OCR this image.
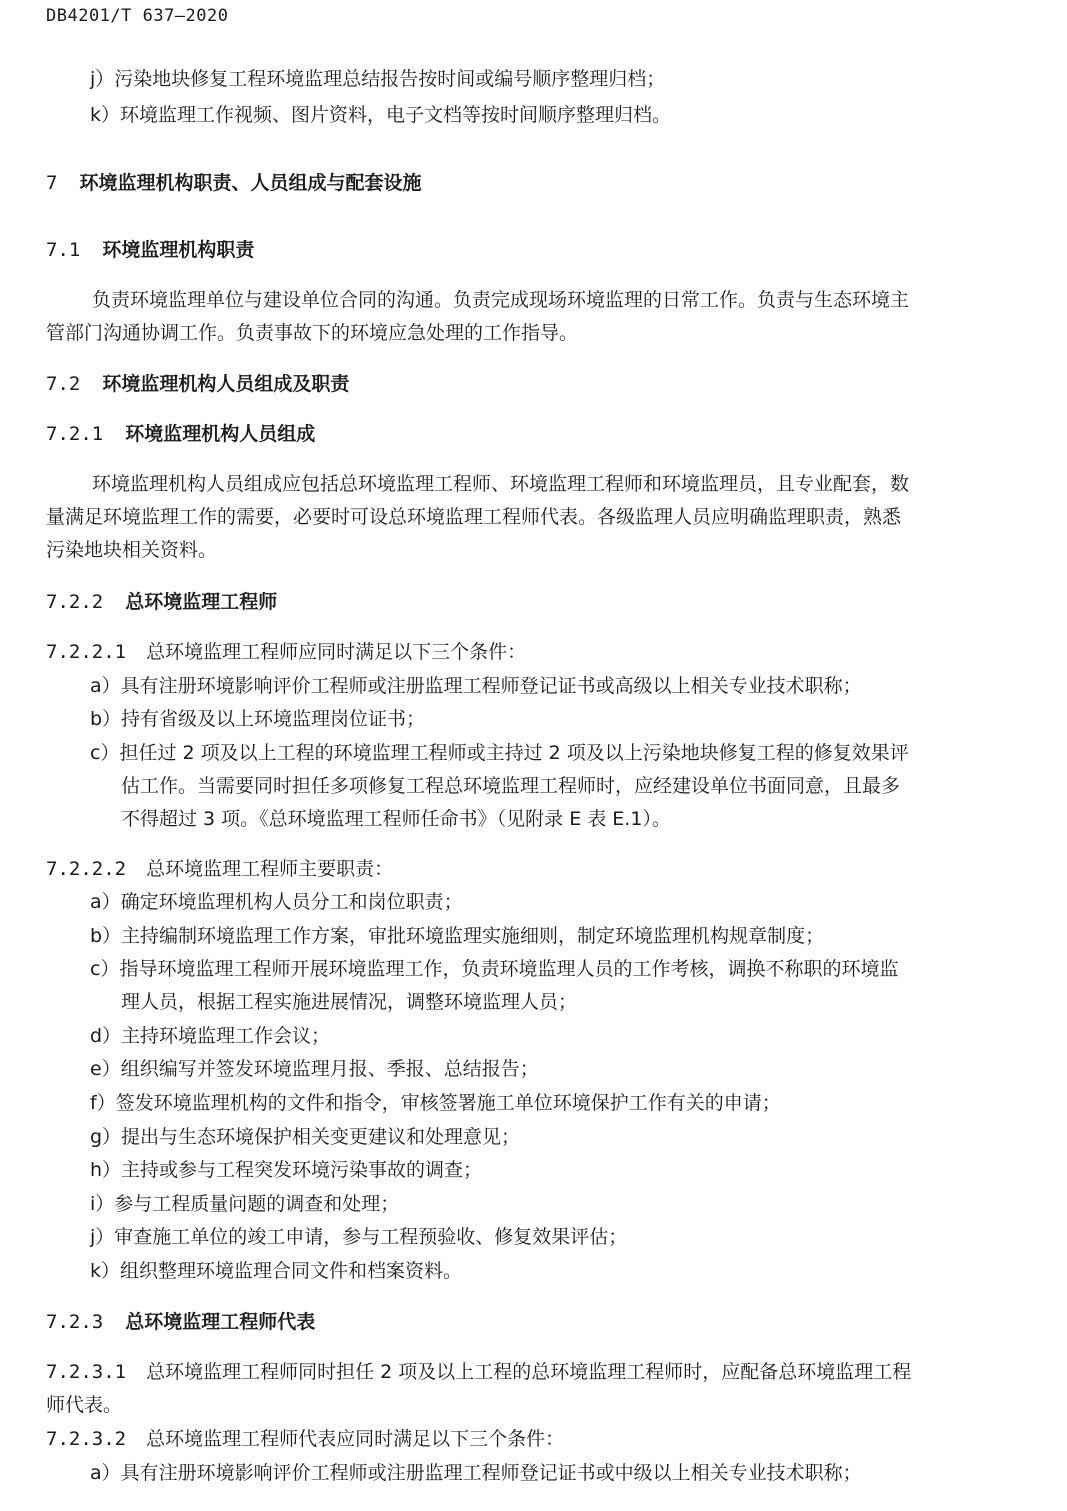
DB4201/T 637—2020
j）污染地块修复工程环境监理总结报告按时间或编号顺序整理归档；
k）环境监理工作视频、图片资料，电子文档等按时间顺序整理归档。
7 环境监理机构职责、人员组成与配套设施
7.1 环境监理机构职责
负责环境监理单位与建设单位合同的沟通。负责完成现场环境监理的日常工作。负责与生态环境主
管部门沟通协调工作。负责事故下的环境应急处理的工作指导。
7.2 环境监理机构人员组成及职责
7.2.1 环境监理机构人员组成
环境监理机构人员组成应包括总环境监理工程师、环境监理工程师和环境监理员，且专业配套，数
量满足环境监理工作的需要，必要时可设总环境监理工程师代表。各级监理人员应明确监理职责，熟悉
污染地块相关资料。
7.2.2 总环境监理工程师
7.2.2.1 总环境监理工程师应同时满足以下三个条件：
a）具有注册环境影响评价工程师或注册监理工程师登记证书或高级以上相关专业技术职称；
b）持有省级及以上环境监理岗位证书；
c）担任过 2 项及以上工程的环境监理工程师或主持过 2 项及以上污染地块修复工程的修复效果评
估工作。当需要同时担任多项修复工程总环境监理工程师时，应经建设单位书面同意，且最多
不得超过 3 项。《总环境监理工程师任命书》（见附录 E 表 E.1）。
7.2.2.2 总环境监理工程师主要职责：
a）确定环境监理机构人员分工和岗位职责；
b）主持编制环境监理工作方案，审批环境监理实施细则，制定环境监理机构规章制度；
c）指导环境监理工程师开展环境监理工作，负责环境监理人员的工作考核，调换不称职的环境监
理人员，根据工程实施进展情况，调整环境监理人员；
d）主持环境监理工作会议；
e）组织编写并签发环境监理月报、季报、总结报告；
f）签发环境监理机构的文件和指令，审核签署施工单位环境保护工作有关的申请；
g）提出与生态环境保护相关变更建议和处理意见；
h）主持或参与工程突发环境污染事故的调查；
i）参与工程质量问题的调查和处理；
j）审查施工单位的竣工申请，参与工程预验收、修复效果评估；
k）组织整理环境监理合同文件和档案资料。
7.2.3 总环境监理工程师代表
7.2.3.1 总环境监理工程师同时担任 2 项及以上工程的总环境监理工程师时，应配备总环境监理工程
师代表。
7.2.3.2 总环境监理工程师代表应同时满足以下三个条件：
a）具有注册环境影响评价工程师或注册监理工程师登记证书或中级以上相关专业技术职称；
